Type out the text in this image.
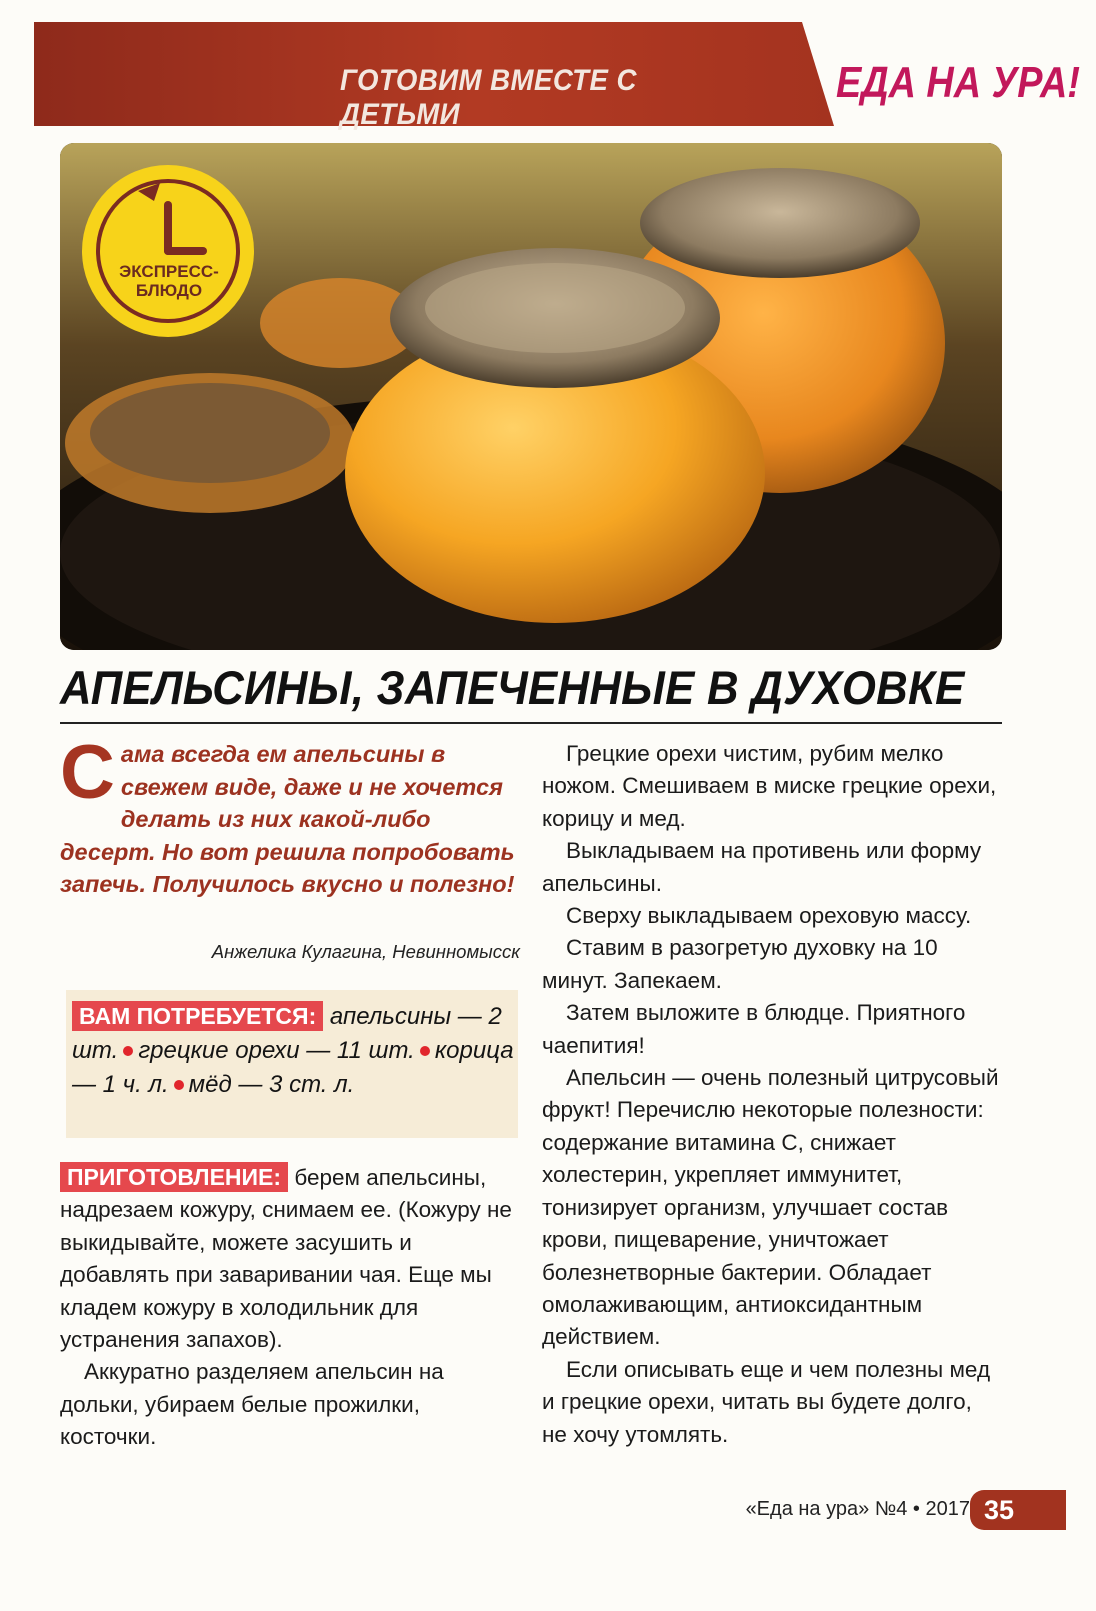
ГОТОВИМ ВМЕСТЕ С ДЕТЬМИ
ЕДА НА УРА!
ЭКСПРЕСС-
БЛЮДО
АПЕЛЬСИНЫ, ЗАПЕЧЕННЫЕ В ДУХОВКЕ
Сама всегда ем апельсины в свежем виде, даже и не хочется делать из них какой-либо десерт. Но вот решила попробовать запечь. Получилось вкусно и полезно!
Анжелика Кулагина, Невинномысск
ВАМ ПОТРЕБУЕТСЯ: апельсины — 2 шт. грецкие орехи — 11 шт. корица — 1 ч. л. мёд — 3 ст. л.

ПРИГОТОВЛЕНИЕ: берем апельсины, надрезаем кожуру, снимаем ее. (Кожуру не выкидывайте, можете засушить и добавлять при заваривании чая. Еще мы кладем кожуру в холодильник для устранения запахов).

Аккуратно разделяем апельсин на дольки, убираем белые прожилки, косточки.

Грецкие орехи чистим, рубим мелко ножом. Смешиваем в миске грецкие орехи, корицу и мед.

Выкладываем на противень или форму апельсины.

Сверху выкладываем ореховую массу.

Ставим в разогретую духовку на 10 минут. Запекаем.

Затем выложите в блюдце. Приятного чаепития!

Апельсин — очень полезный цитрусовый фрукт! Перечислю некоторые полезности: содержание витамина С, снижает холестерин, укрепляет иммунитет, тонизирует организм, улучшает состав крови, пищеварение, уничтожает болезнетворные бактерии. Обладает омолаживающим, антиоксидантным действием.

Если описывать еще и чем полезны мед и грецкие орехи, читать вы будете долго, не хочу утомлять.

«Еда на ура» №4 • 2017 35
